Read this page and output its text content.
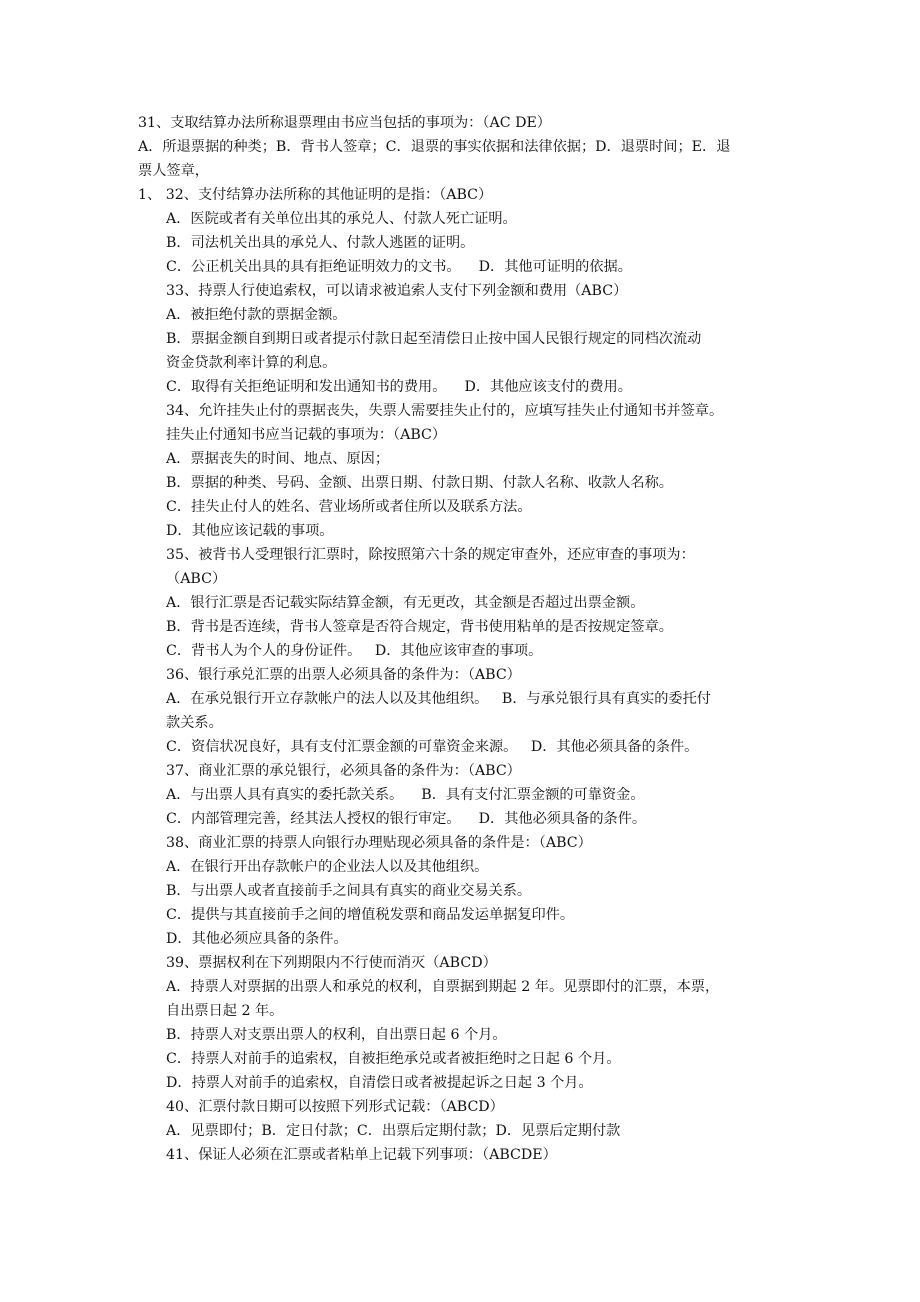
31、支取结算办法所称退票理由书应当包括的事项为：（AC DE）
A．所退票据的种类；B．背书人签章；C．退票的事实依据和法律依据；D．退票时间；E．退
票人签章，
1、 32、支付结算办法所称的其他证明的是指：（ABC）
A．医院或者有关单位出其的承兑人、付款人死亡证明。
B．司法机关出具的承兑人、付款人逃匿的证明。
C．公正机关出具的具有拒绝证明效力的文书。    D．其他可证明的依据。
33、持票人行使追索权，可以请求被追索人支付下列金额和费用（ABC）
A．被拒绝付款的票据金额。
B．票据金额自到期日或者提示付款日起至清偿日止按中国人民银行规定的同档次流动
资金贷款利率计算的利息。
C．取得有关拒绝证明和发出通知书的费用。    D．其他应该支付的费用。
34、允许挂失止付的票据丧失，失票人需要挂失止付的，应填写挂失止付通知书并签章。
挂失止付通知书应当记载的事项为：（ABC）
A．票据丧失的时间、地点、原因；
B．票据的种类、号码、金额、出票日期、付款日期、付款人名称、收款人名称。
C．挂失止付人的姓名、营业场所或者住所以及联系方法。
D．其他应该记载的事项。
35、被背书人受理银行汇票时，除按照第六十条的规定审查外，还应审查的事项为：
（ABC）
A．银行汇票是否记载实际结算金额，有无更改，其金额是否超过出票金额。
B．背书是否连续，背书人签章是否符合规定，背书使用粘单的是否按规定签章。
C．背书人为个人的身份证件。   D．其他应该审查的事项。
36、银行承兑汇票的出票人必须具备的条件为：（ABC）
A．在承兑银行开立存款帐户的法人以及其他组织。   B．与承兑银行具有真实的委托付
款关系。
C．资信状况良好，具有支付汇票金额的可靠资金来源。   D．其他必须具备的条件。
37、商业汇票的承兑银行，必须具备的条件为：（ABC）
A．与出票人具有真实的委托款关系。    B．具有支付汇票金额的可靠资金。
C．内部管理完善，经其法人授权的银行审定。    D．其他必须具备的条件。
38、商业汇票的持票人向银行办理贴现必须具备的条件是：（ABC）
A．在银行开出存款帐户的企业法人以及其他组织。
B．与出票人或者直接前手之间具有真实的商业交易关系。
C．提供与其直接前手之间的增值税发票和商品发运单据复印件。
D．其他必须应具备的条件。
39、票据权利在下列期限内不行使而消灭（ABCD）
A．持票人对票据的出票人和承兑的权利，自票据到期起 2 年。见票即付的汇票，本票，
自出票日起 2 年。
B．持票人对支票出票人的权利，自出票日起 6 个月。
C．持票人对前手的追索权，自被拒绝承兑或者被拒绝时之日起 6 个月。
D．持票人对前手的追索权，自清偿日或者被提起诉之日起 3 个月。
40、汇票付款日期可以按照下列形式记载：（ABCD）
A．见票即付；B．定日付款；C．出票后定期付款；D．见票后定期付款
41、保证人必须在汇票或者粘单上记载下列事项：（ABCDE）
